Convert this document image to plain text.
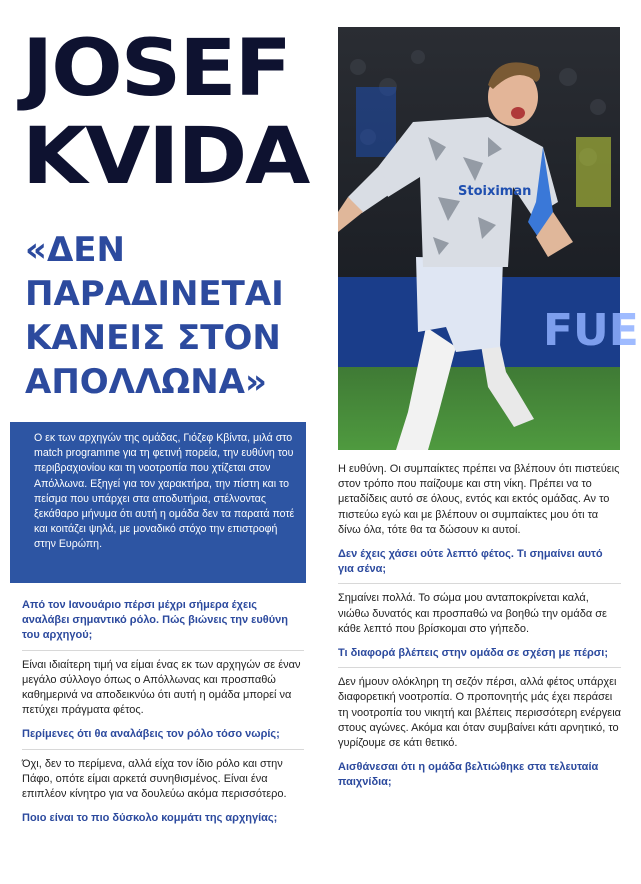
JOSEF
KVIDA
«ΔΕΝ
ΠΑΡΑΔΙΝΕΤΑΙ
ΚΑΝΕΙΣ ΣΤΟΝ
ΑΠΟΛΛΩΝΑ»
FUE
Stoiximan
Ο εκ των αρχηγών της ομάδας, Γιόζεφ Κβίντα, μιλά στο match programme για τη φετινή πορεία, την ευθύνη του περιβραχιονίου και τη νοοτροπία που χτίζεται στον Απόλλωνα. Εξηγεί για τον χαρακτήρα, την πίστη και το πείσμα που υπάρχει στα αποδυτήρια, στέλνοντας ξεκάθαρο μήνυμα ότι αυτή η ομάδα δεν τα παρατά ποτέ και κοιτάζει ψηλά, με μοναδικό στόχο την επιστροφή στην Ευρώπη.

Από τον Ιανουάριο πέρσι μέχρι σήμερα έχεις αναλάβει σημαντικό ρόλο. Πώς βιώνεις την ευθύνη του αρχηγού;

Είναι ιδιαίτερη τιμή να είμαι ένας εκ των αρχηγών σε έναν μεγάλο σύλλογο όπως ο Απόλλωνας και προσπαθώ καθημερινά να αποδεικνύω ότι αυτή η ομάδα μπορεί να πετύχει πράγματα φέτος.

Περίμενες ότι θα αναλάβεις τον ρόλο τόσο νωρίς;

Όχι, δεν το περίμενα, αλλά είχα τον ίδιο ρόλο και στην Πάφο, οπότε είμαι αρκετά συνηθισμένος. Είναι ένα επιπλέον κίνητρο για να δουλεύω ακόμα περισσότερο.

Ποιο είναι το πιο δύσκολο κομμάτι της αρχηγίας;

Η ευθύνη. Οι συμπαίκτες πρέπει να βλέπουν ότι πιστεύεις στον τρόπο που παίζουμε και στη νίκη. Πρέπει να το μεταδίδεις αυτό σε όλους, εντός και εκτός ομάδας. Αν το πιστεύω εγώ και με βλέπουν οι συμπαίκτες μου ότι τα δίνω όλα, τότε θα τα δώσουν κι αυτοί.

Δεν έχεις χάσει ούτε λεπτό φέτος. Τι σημαίνει αυτό για σένα;

Σημαίνει πολλά. Το σώμα μου ανταποκρίνεται καλά, νιώθω δυνατός και προσπαθώ να βοηθώ την ομάδα σε κάθε λεπτό που βρίσκομαι στο γήπεδο.

Τι διαφορά βλέπεις στην ομάδα σε σχέση με πέρσι;

Δεν ήμουν ολόκληρη τη σεζόν πέρσι, αλλά φέτος υπάρχει διαφορετική νοοτροπία. Ο προπονητής μάς έχει περάσει τη νοοτροπία του νικητή και βλέπεις περισσότερη ενέργεια στους αγώνες. Ακόμα και όταν συμβαίνει κάτι αρνητικό, το γυρίζουμε σε κάτι θετικό.

Αισθάνεσαι ότι η ομάδα βελτιώθηκε στα τελευταία παιχνίδια;
